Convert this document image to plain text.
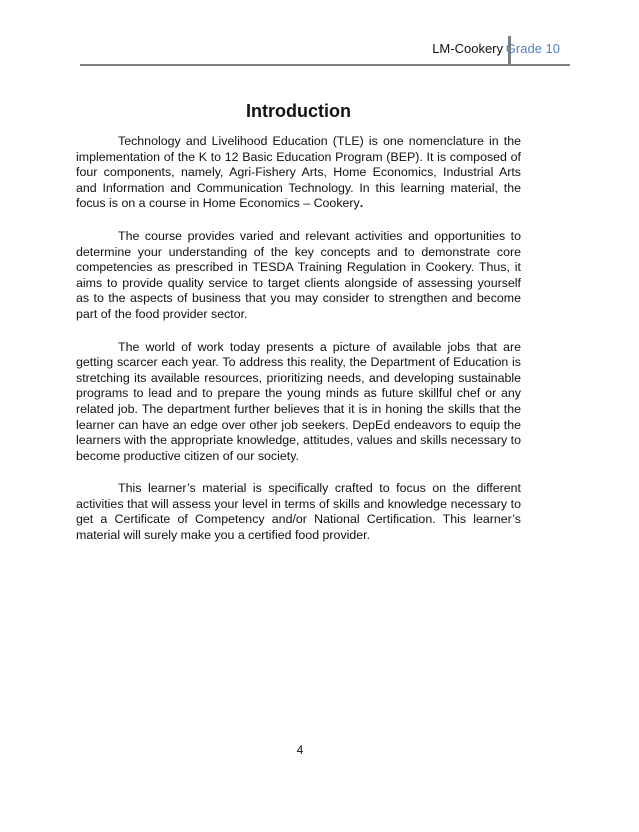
LM-Cookery Grade 10
Introduction

Technology and Livelihood Education (TLE) is one nomenclature in the implementation of the K to 12 Basic Education Program (BEP). It is composed of four components, namely, Agri-Fishery Arts, Home Economics, Industrial Arts and Information and Communication Technology. In this learning material, the focus is on a course in Home Economics – Cookery.

The course provides varied and relevant activities and opportunities to determine your understanding of the key concepts and to demonstrate core competencies as prescribed in TESDA Training Regulation in Cookery. Thus, it aims to provide quality service to target clients alongside of assessing yourself as to the aspects of business that you may consider to strengthen and become part of the food provider sector.

The world of work today presents a picture of available jobs that are getting scarcer each year. To address this reality, the Department of Education is stretching its available resources, prioritizing needs, and developing sustainable programs to lead and to prepare the young minds as future skillful chef or any related job. The department further believes that it is in honing the skills that the learner can have an edge over other job seekers. DepEd endeavors to equip the learners with the appropriate knowledge, attitudes, values and skills necessary to become productive citizen of our society.

This learner’s material is specifically crafted to focus on the different activities that will assess your level in terms of skills and knowledge necessary to get a Certificate of Competency and/or National Certification. This learner’s material will surely make you a certified food provider.

4
